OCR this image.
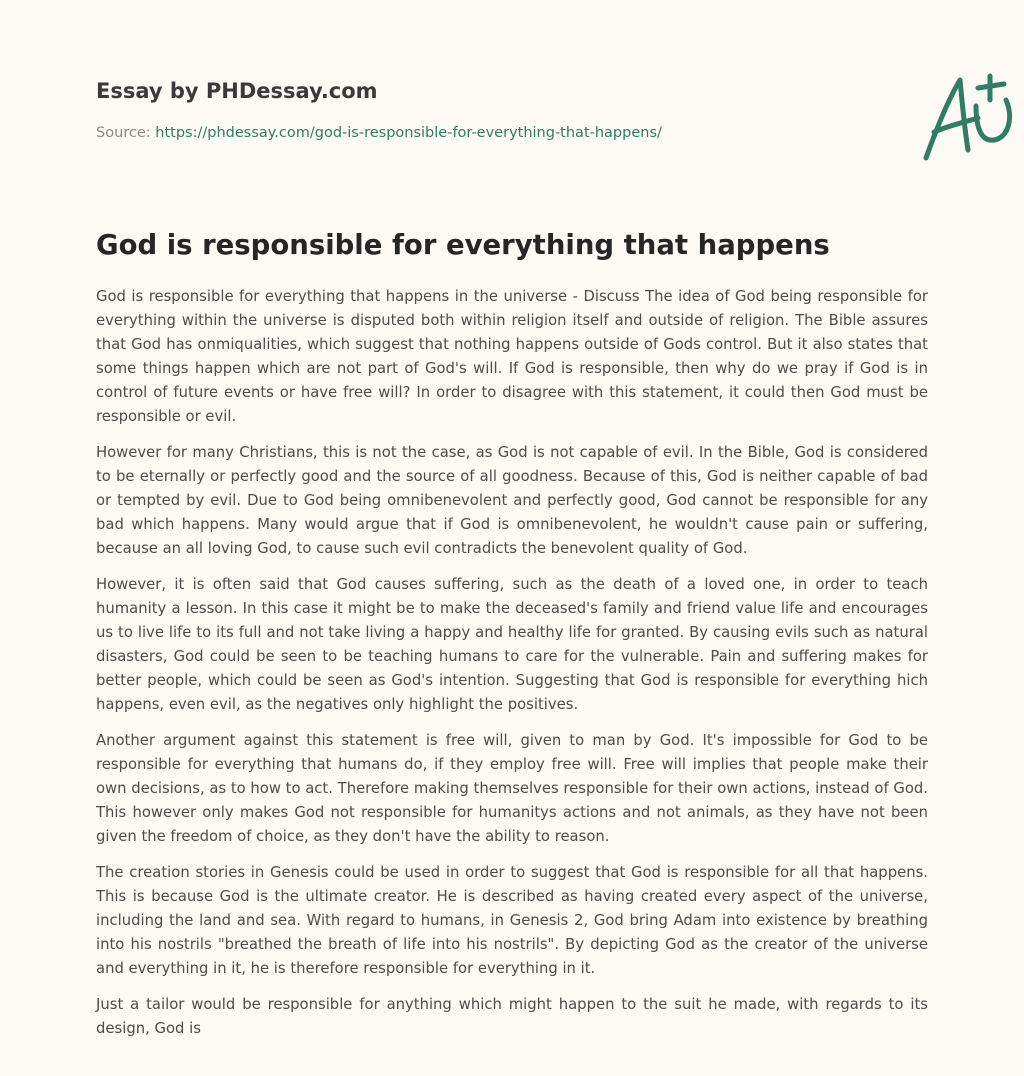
Essay by PHDessay.com
Source: https://phdessay.com/god-is-responsible-for-everything-that-happens/
God is responsible for everything that happens

God is responsible for everything that happens in the universe - Discuss The idea of God being responsible for everything within the universe is disputed both within religion itself and outside of religion. The Bible assures that God has onmiqualities, which suggest that nothing happens outside of Gods control. But it also states that some things happen which are not part of God's will. If God is responsible, then why do we pray if God is in control of future events or have free will? In order to disagree with this statement, it could then God must be responsible or evil.

However for many Christians, this is not the case, as God is not capable of evil. In the Bible, God is considered to be eternally or perfectly good and the source of all goodness. Because of this, God is neither capable of bad or tempted by evil. Due to God being omnibenevolent and perfectly good, God cannot be responsible for any bad which happens. Many would argue that if God is omnibenevolent, he wouldn't cause pain or suffering, because an all loving God, to cause such evil contradicts the benevolent quality of God.

However, it is often said that God causes suffering, such as the death of a loved one, in order to teach humanity a lesson. In this case it might be to make the deceased's family and friend value life and encourages us to live life to its full and not take living a happy and healthy life for granted. By causing evils such as natural disasters, God could be seen to be teaching humans to care for the vulnerable. Pain and suffering makes for better people, which could be seen as God's intention. Suggesting that God is responsible for everything hich happens, even evil, as the negatives only highlight the positives.

Another argument against this statement is free will, given to man by God. It's impossible for God to be responsible for everything that humans do, if they employ free will. Free will implies that people make their own decisions, as to how to act. Therefore making themselves responsible for their own actions, instead of God. This however only makes God not responsible for humanitys actions and not animals, as they have not been given the freedom of choice, as they don't have the ability to reason.

The creation stories in Genesis could be used in order to suggest that God is responsible for all that happens. This is because God is the ultimate creator. He is described as having created every aspect of the universe, including the land and sea. With regard to humans, in Genesis 2, God bring Adam into existence by breathing into his nostrils "breathed the breath of life into his nostrils". By depicting God as the creator of the universe and everything in it, he is therefore responsible for everything in it.

Just a tailor would be responsible for anything which might happen to the suit he made, with regards to its design, God is
